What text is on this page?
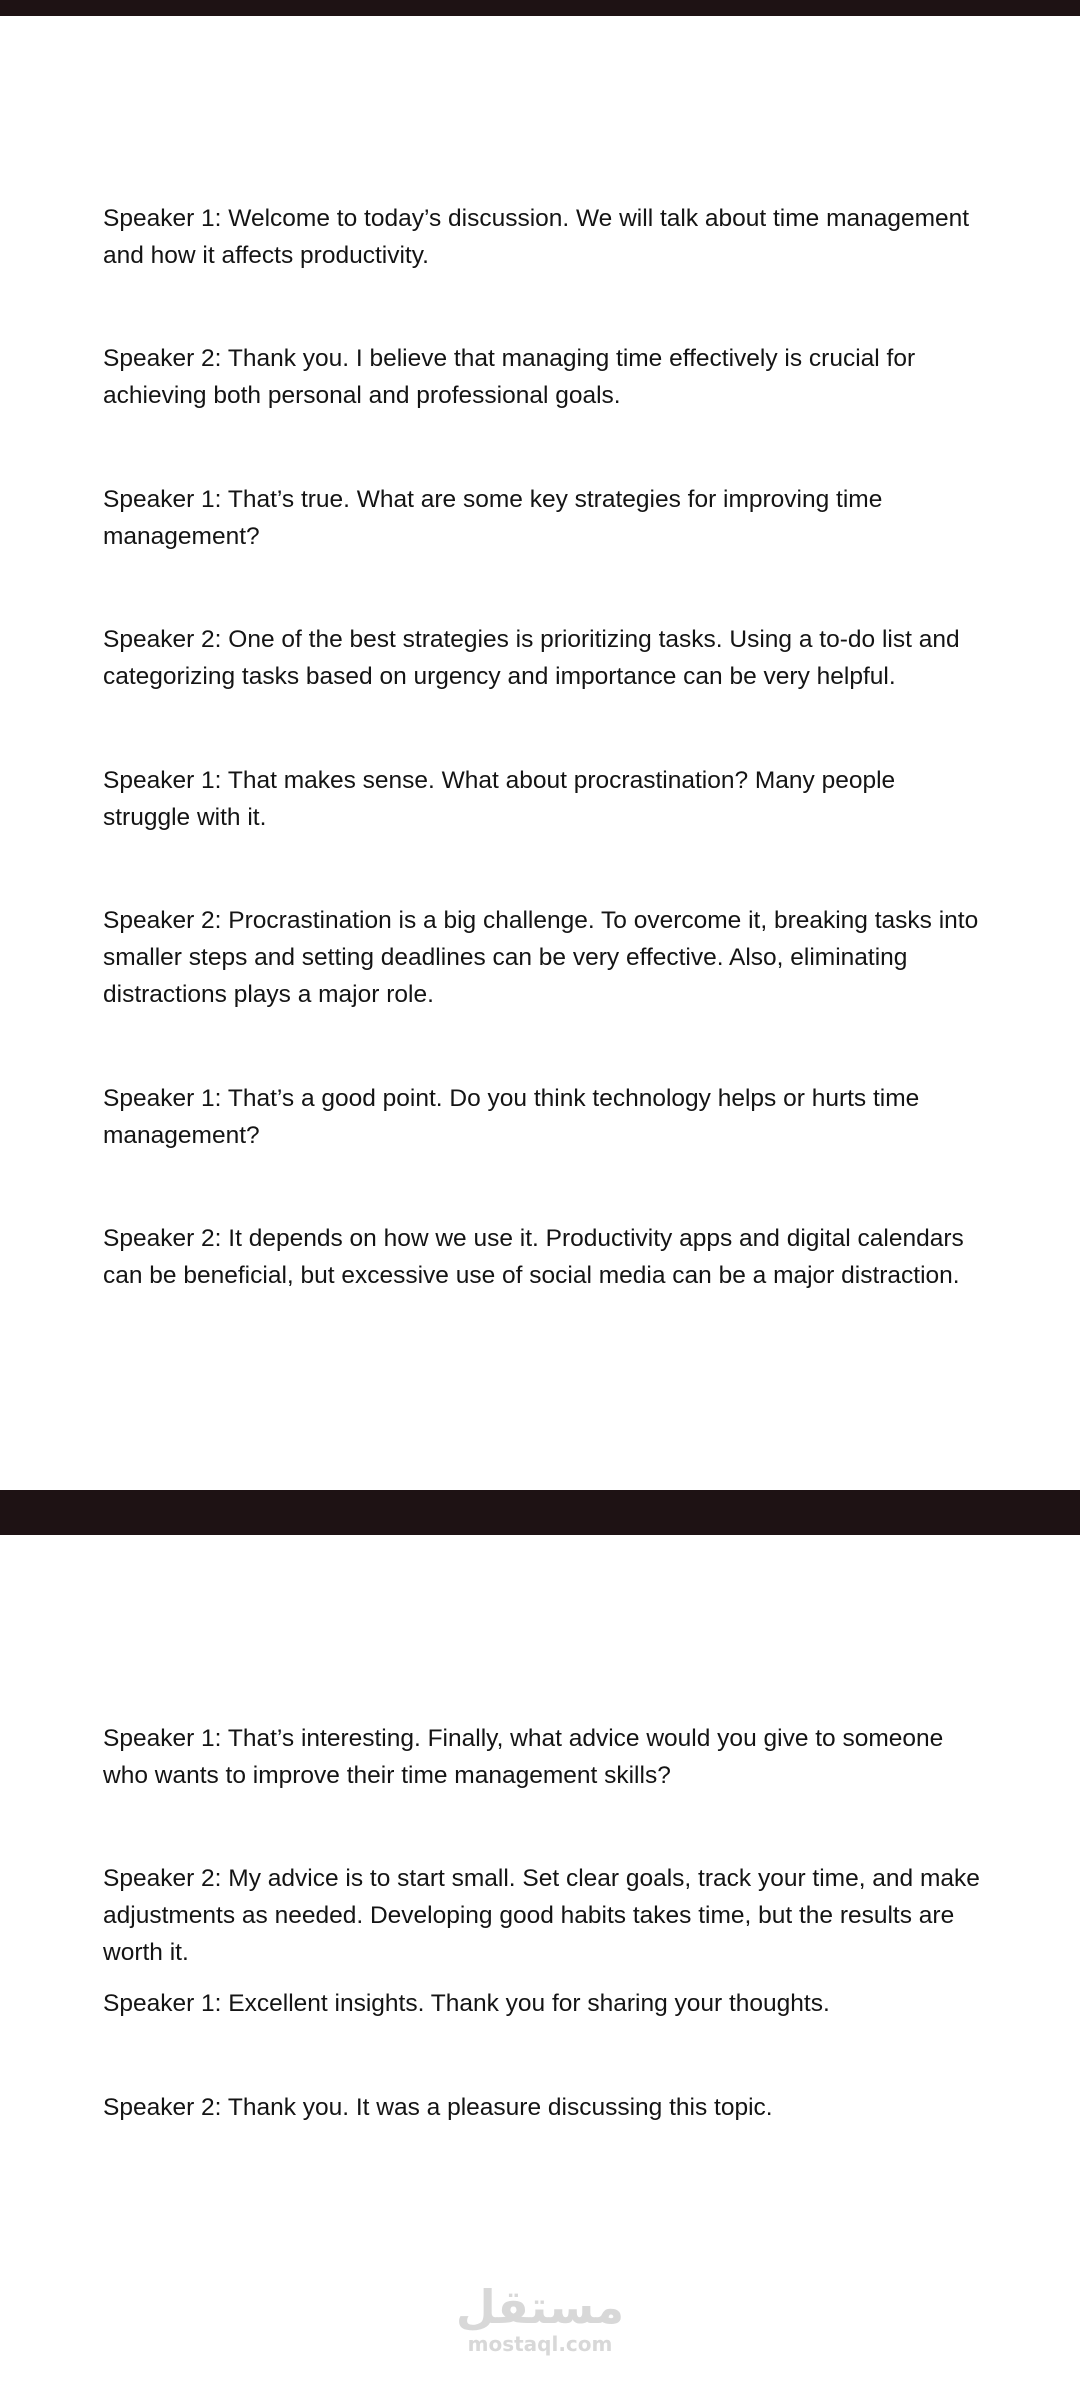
Speaker 1: Welcome to today’s discussion. We will talk about time management and how it affects productivity.

Speaker 2: Thank you. I believe that managing time effectively is crucial for achieving both personal and professional goals.

Speaker 1: That’s true. What are some key strategies for improving time management?

Speaker 2: One of the best strategies is prioritizing tasks. Using a to-do list and categorizing tasks based on urgency and importance can be very helpful.

Speaker 1: That makes sense. What about procrastination? Many people struggle with it.

Speaker 2: Procrastination is a big challenge. To overcome it, breaking tasks into smaller steps and setting deadlines can be very effective. Also, eliminating distractions plays a major role.

Speaker 1: That’s a good point. Do you think technology helps or hurts time management?

Speaker 2: It depends on how we use it. Productivity apps and digital calendars can be beneficial, but excessive use of social media can be a major distraction.

Speaker 1: That’s interesting. Finally, what advice would you give to someone who wants to improve their time management skills?

Speaker 2: My advice is to start small. Set clear goals, track your time, and make adjustments as needed. Developing good habits takes time, but the results are worth it.

Speaker 1: Excellent insights. Thank you for sharing your thoughts.

Speaker 2: Thank you. It was a pleasure discussing this topic.

مستقل
mostaql.com
